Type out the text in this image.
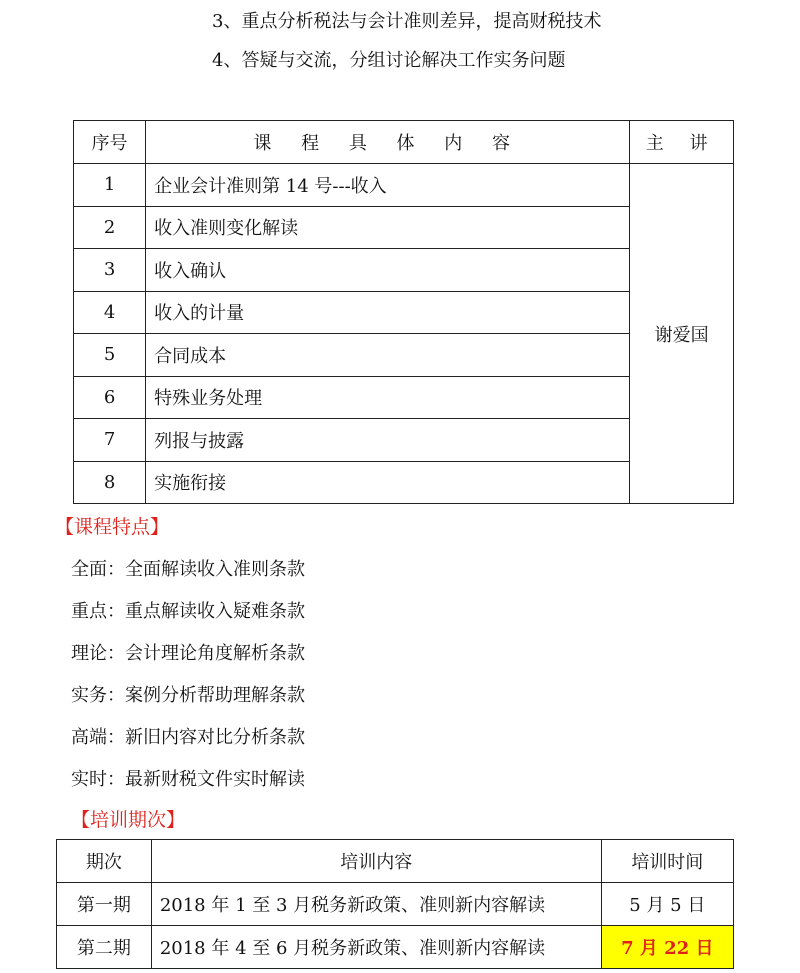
3、重点分析税法与会计准则差异，提高财税技术
4、答疑与交流，分组讨论解决工作实务问题
序号	课 程 具 体 内 容	主 讲
1	企业会计准则第 14 号---收入	谢爱国
2	收入准则变化解读	
3	收入确认	
4	收入的计量	
5	合同成本	
6	特殊业务处理	
7	列报与披露	
8	实施衔接	
【课程特点】
全面：全面解读收入准则条款
重点：重点解读收入疑难条款
理论：会计理论角度解析条款
实务：案例分析帮助理解条款
高端：新旧内容对比分析条款
实时：最新财税文件实时解读
【培训期次】
期次	培训内容	培训时间
第一期	2018 年 1 至 3 月税务新政策、准则新内容解读	5 月 5 日
第二期	2018 年 4 至 6 月税务新政策、准则新内容解读	7 月 22 日
